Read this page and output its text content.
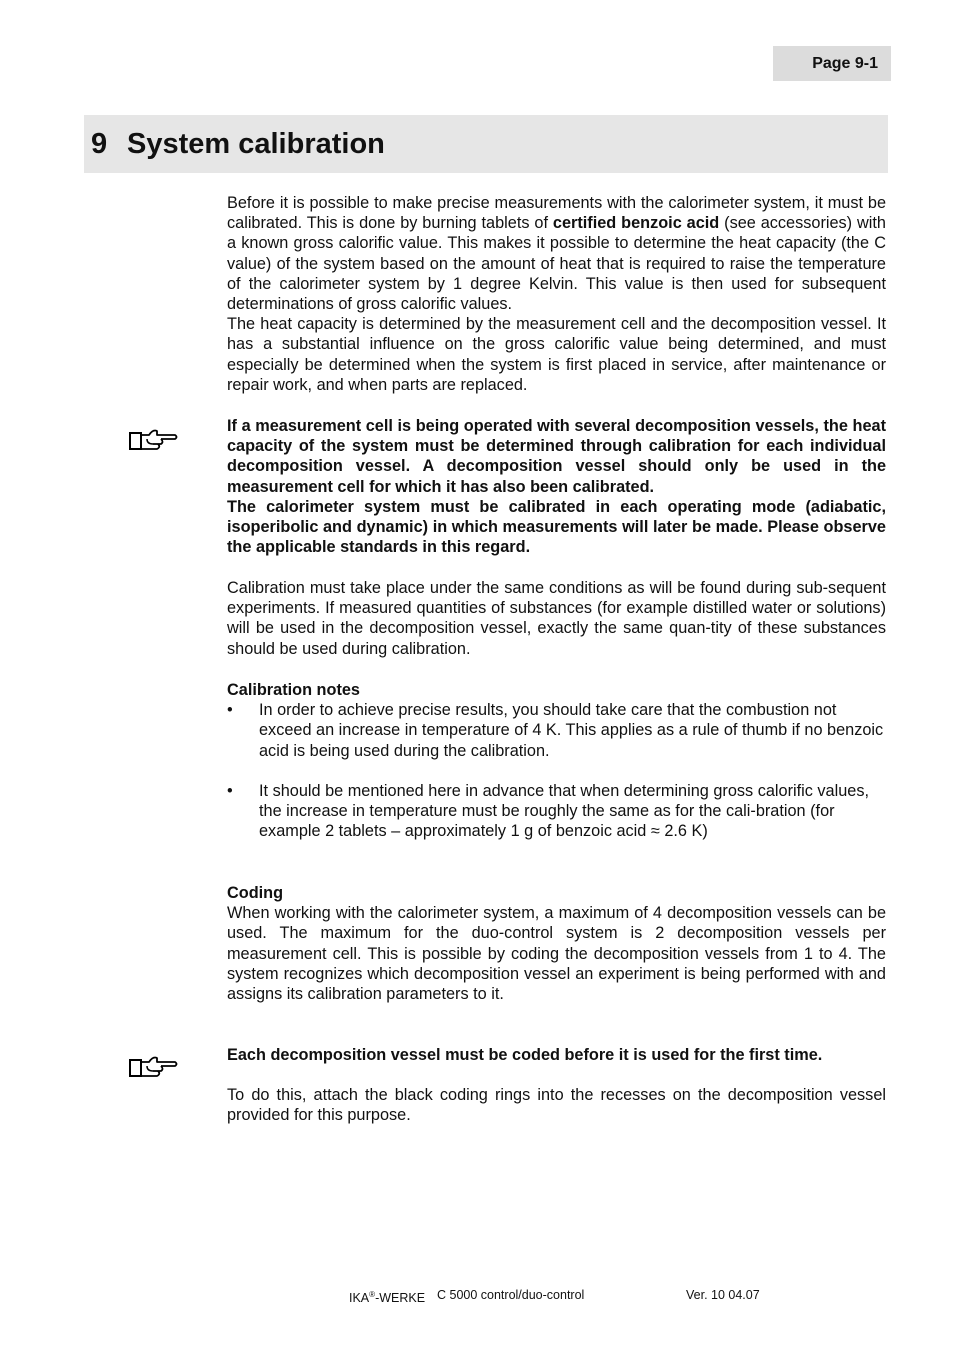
Page 9-1
9 System calibration

Before it is possible to make precise measurements with the calorimeter system, it must be calibrated. This is done by burning tablets of certified benzoic acid (see accessories) with a known gross calorific value. This makes it possible to determine the heat capacity (the C value) of the system based on the amount of heat that is required to raise the temperature of the calorimeter system by 1 degree Kelvin. This value is then used for subsequent determinations of gross calorific values.

The heat capacity is determined by the measurement cell and the decomposition vessel. It has a substantial influence on the gross calorific value being determined, and must especially be determined when the system is first placed in service, after maintenance or repair work, and when parts are replaced.

If a measurement cell is being operated with several decomposition vessels, the heat capacity of the system must be determined through calibration for each individual decomposition vessel. A decomposition vessel should only be used in the measurement cell for which it has also been calibrated.

The calorimeter system must be calibrated in each operating mode (adiabatic, isoperibolic and dynamic) in which measurements will later be made. Please observe the applicable standards in this regard.

Calibration must take place under the same conditions as will be found during sub-sequent experiments. If measured quantities of substances (for example distilled water or solutions) will be used in the decomposition vessel, exactly the same quan-tity of these substances should be used during calibration.

Calibration notes
• In order to achieve precise results, you should take care that the combustion not exceed an increase in temperature of 4 K. This applies as a rule of thumb if no benzoic acid is being used during the calibration.
• It should be mentioned here in advance that when determining gross calorific values, the increase in temperature must be roughly the same as for the cali-bration (for example 2 tablets – approximately 1 g of benzoic acid ≈ 2.6 K)
Coding

When working with the calorimeter system, a maximum of 4 decomposition vessels can be used. The maximum for the duo-control system is 2 decomposition vessels per measurement cell. This is possible by coding the decomposition vessels from 1 to 4. The system recognizes which decomposition vessel an experiment is being performed with and assigns its calibration parameters to it.

Each decomposition vessel must be coded before it is used for the first time.

To do this, attach the black coding rings into the recesses on the decomposition vessel provided for this purpose.

IKA®-WERKE C 5000 control/duo-control	Ver. 10 04.07
